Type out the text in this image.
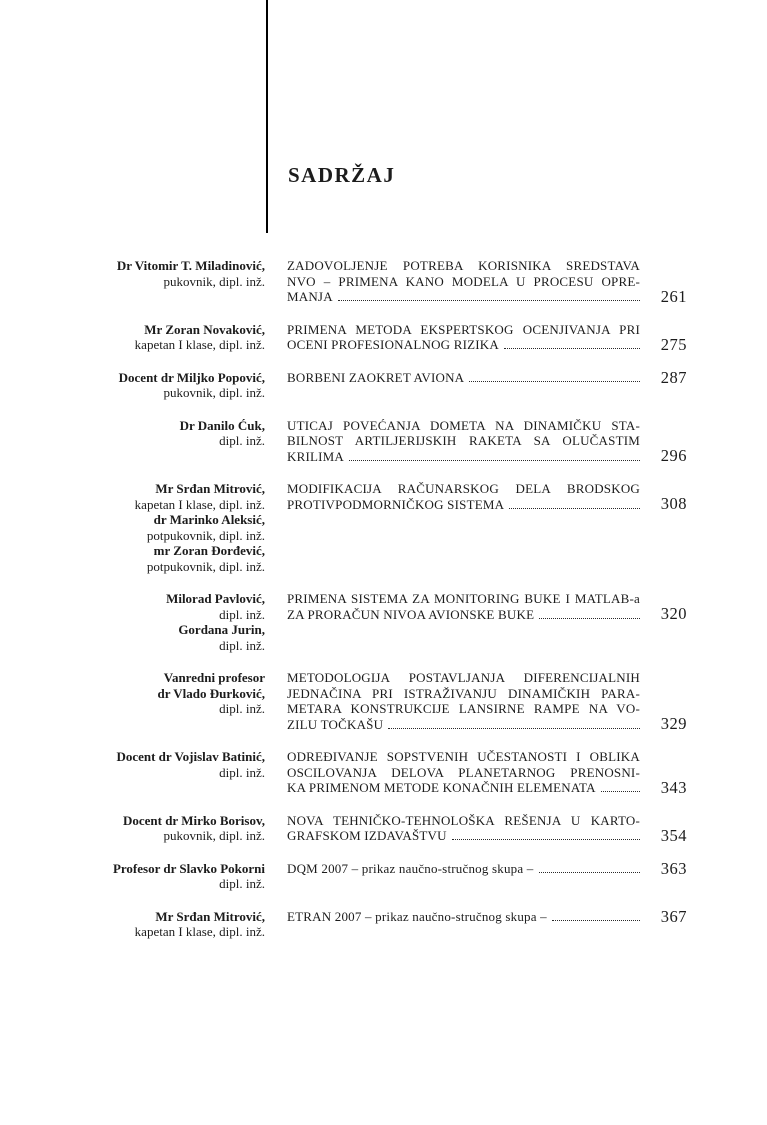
SADRŽAJ
Dr Vitomir T. Miladinović,
pukovnik, dipl. inž.
ZADOVOLJENJE POTREBA KORISNIKA SREDSTAVA
NVO – PRIMENA KANO MODELA U PROCESU OPRE-
MANJA	261
Mr Zoran Novaković,
kapetan I klase, dipl. inž.
PRIMENA METODA EKSPERTSKOG OCENJIVANJA PRI
OCENI PROFESIONALNOG RIZIKA	275
Docent dr Miljko Popović,
pukovnik, dipl. inž.
BORBENI ZAOKRET AVIONA	287
Dr Danilo Ćuk,
dipl. inž.
UTICAJ POVEĆANJA DOMETA NA DINAMIČKU STA-
BILNOST ARTILJERIJSKIH RAKETA SA OLUČASTIM
KRILIMA	296
Mr Srđan Mitrović,
kapetan I klase, dipl. inž.
dr Marinko Aleksić,
potpukovnik, dipl. inž.
mr Zoran Đorđević,
potpukovnik, dipl. inž.
MODIFIKACIJA RAČUNARSKOG DELA BRODSKOG
PROTIVPODMORNIČKOG SISTEMA	308
Milorad Pavlović,
dipl. inž.
Gordana Jurin,
dipl. inž.
PRIMENA SISTEMA ZA MONITORING BUKE I MATLAB-a
ZA PRORAČUN NIVOA AVIONSKE BUKE	320
Vanredni profesor
dr Vlado Đurković,
dipl. inž.
METODOLOGIJA POSTAVLJANJA DIFERENCIJALNIH
JEDNAČINA PRI ISTRAŽIVANJU DINAMIČKIH PARA-
METARA KONSTRUKCIJE LANSIRNE RAMPE NA VO-
ZILU TOČKAŠU	329
Docent dr Vojislav Batinić,
dipl. inž.
ODREĐIVANJE SOPSTVENIH UČESTANOSTI I OBLIKA
OSCILOVANJA DELOVA PLANETARNOG PRENOSNI-
KA PRIMENOM METODE KONAČNIH ELEMENATA	343
Docent dr Mirko Borisov,
pukovnik, dipl. inž.
NOVA TEHNIČKO-TEHNOLOŠKA REŠENJA U KARTO-
GRAFSKOM IZDAVAŠTVU	354
Profesor dr Slavko Pokorni
dipl. inž.
DQM 2007 – prikaz naučno-stručnog skupa –	363
Mr Srđan Mitrović,
kapetan I klase, dipl. inž.
ETRAN 2007 – prikaz naučno-stručnog skupa –	367
